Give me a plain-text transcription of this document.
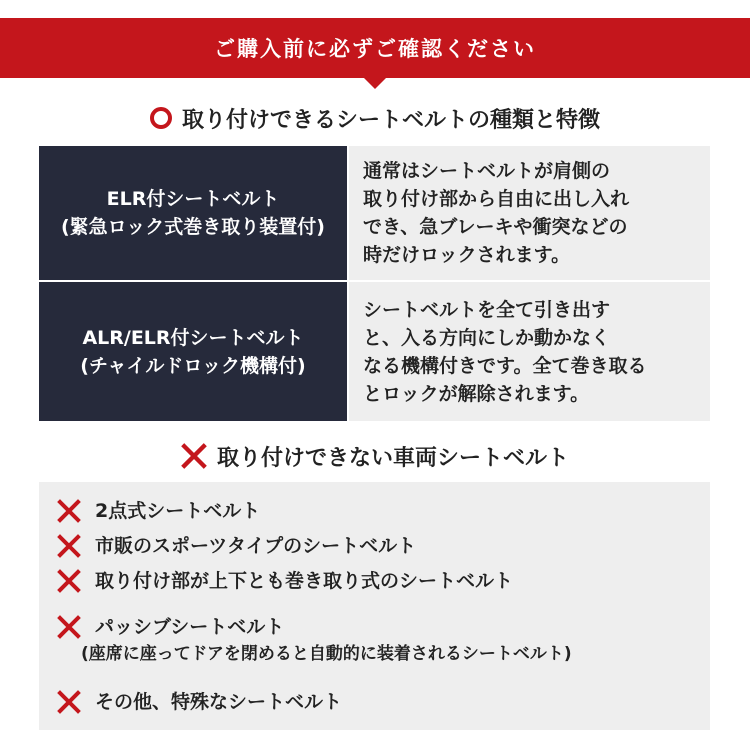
ご購入前に必ずご確認ください
取り付けできるシートベルトの種類と特徴
ELR付シートベルト
(緊急ロック式巻き取り装置付)
通常はシートベルトが肩側の
取り付け部から自由に出し入れ
でき、急ブレーキや衝突などの
時だけロックされます。
ALR/ELR付シートベルト
(チャイルドロック機構付)
シートベルトを全て引き出す
と、入る方向にしか動かなく
なる機構付きです。全て巻き取る
とロックが解除されます。
取り付けできない車両シートベルト
2点式シートベルト
市販のスポーツタイプのシートベルト
取り付け部が上下とも巻き取り式のシートベルト
パッシブシートベルト
(座席に座ってドアを閉めると自動的に装着されるシートベルト)
その他、特殊なシートベルト
